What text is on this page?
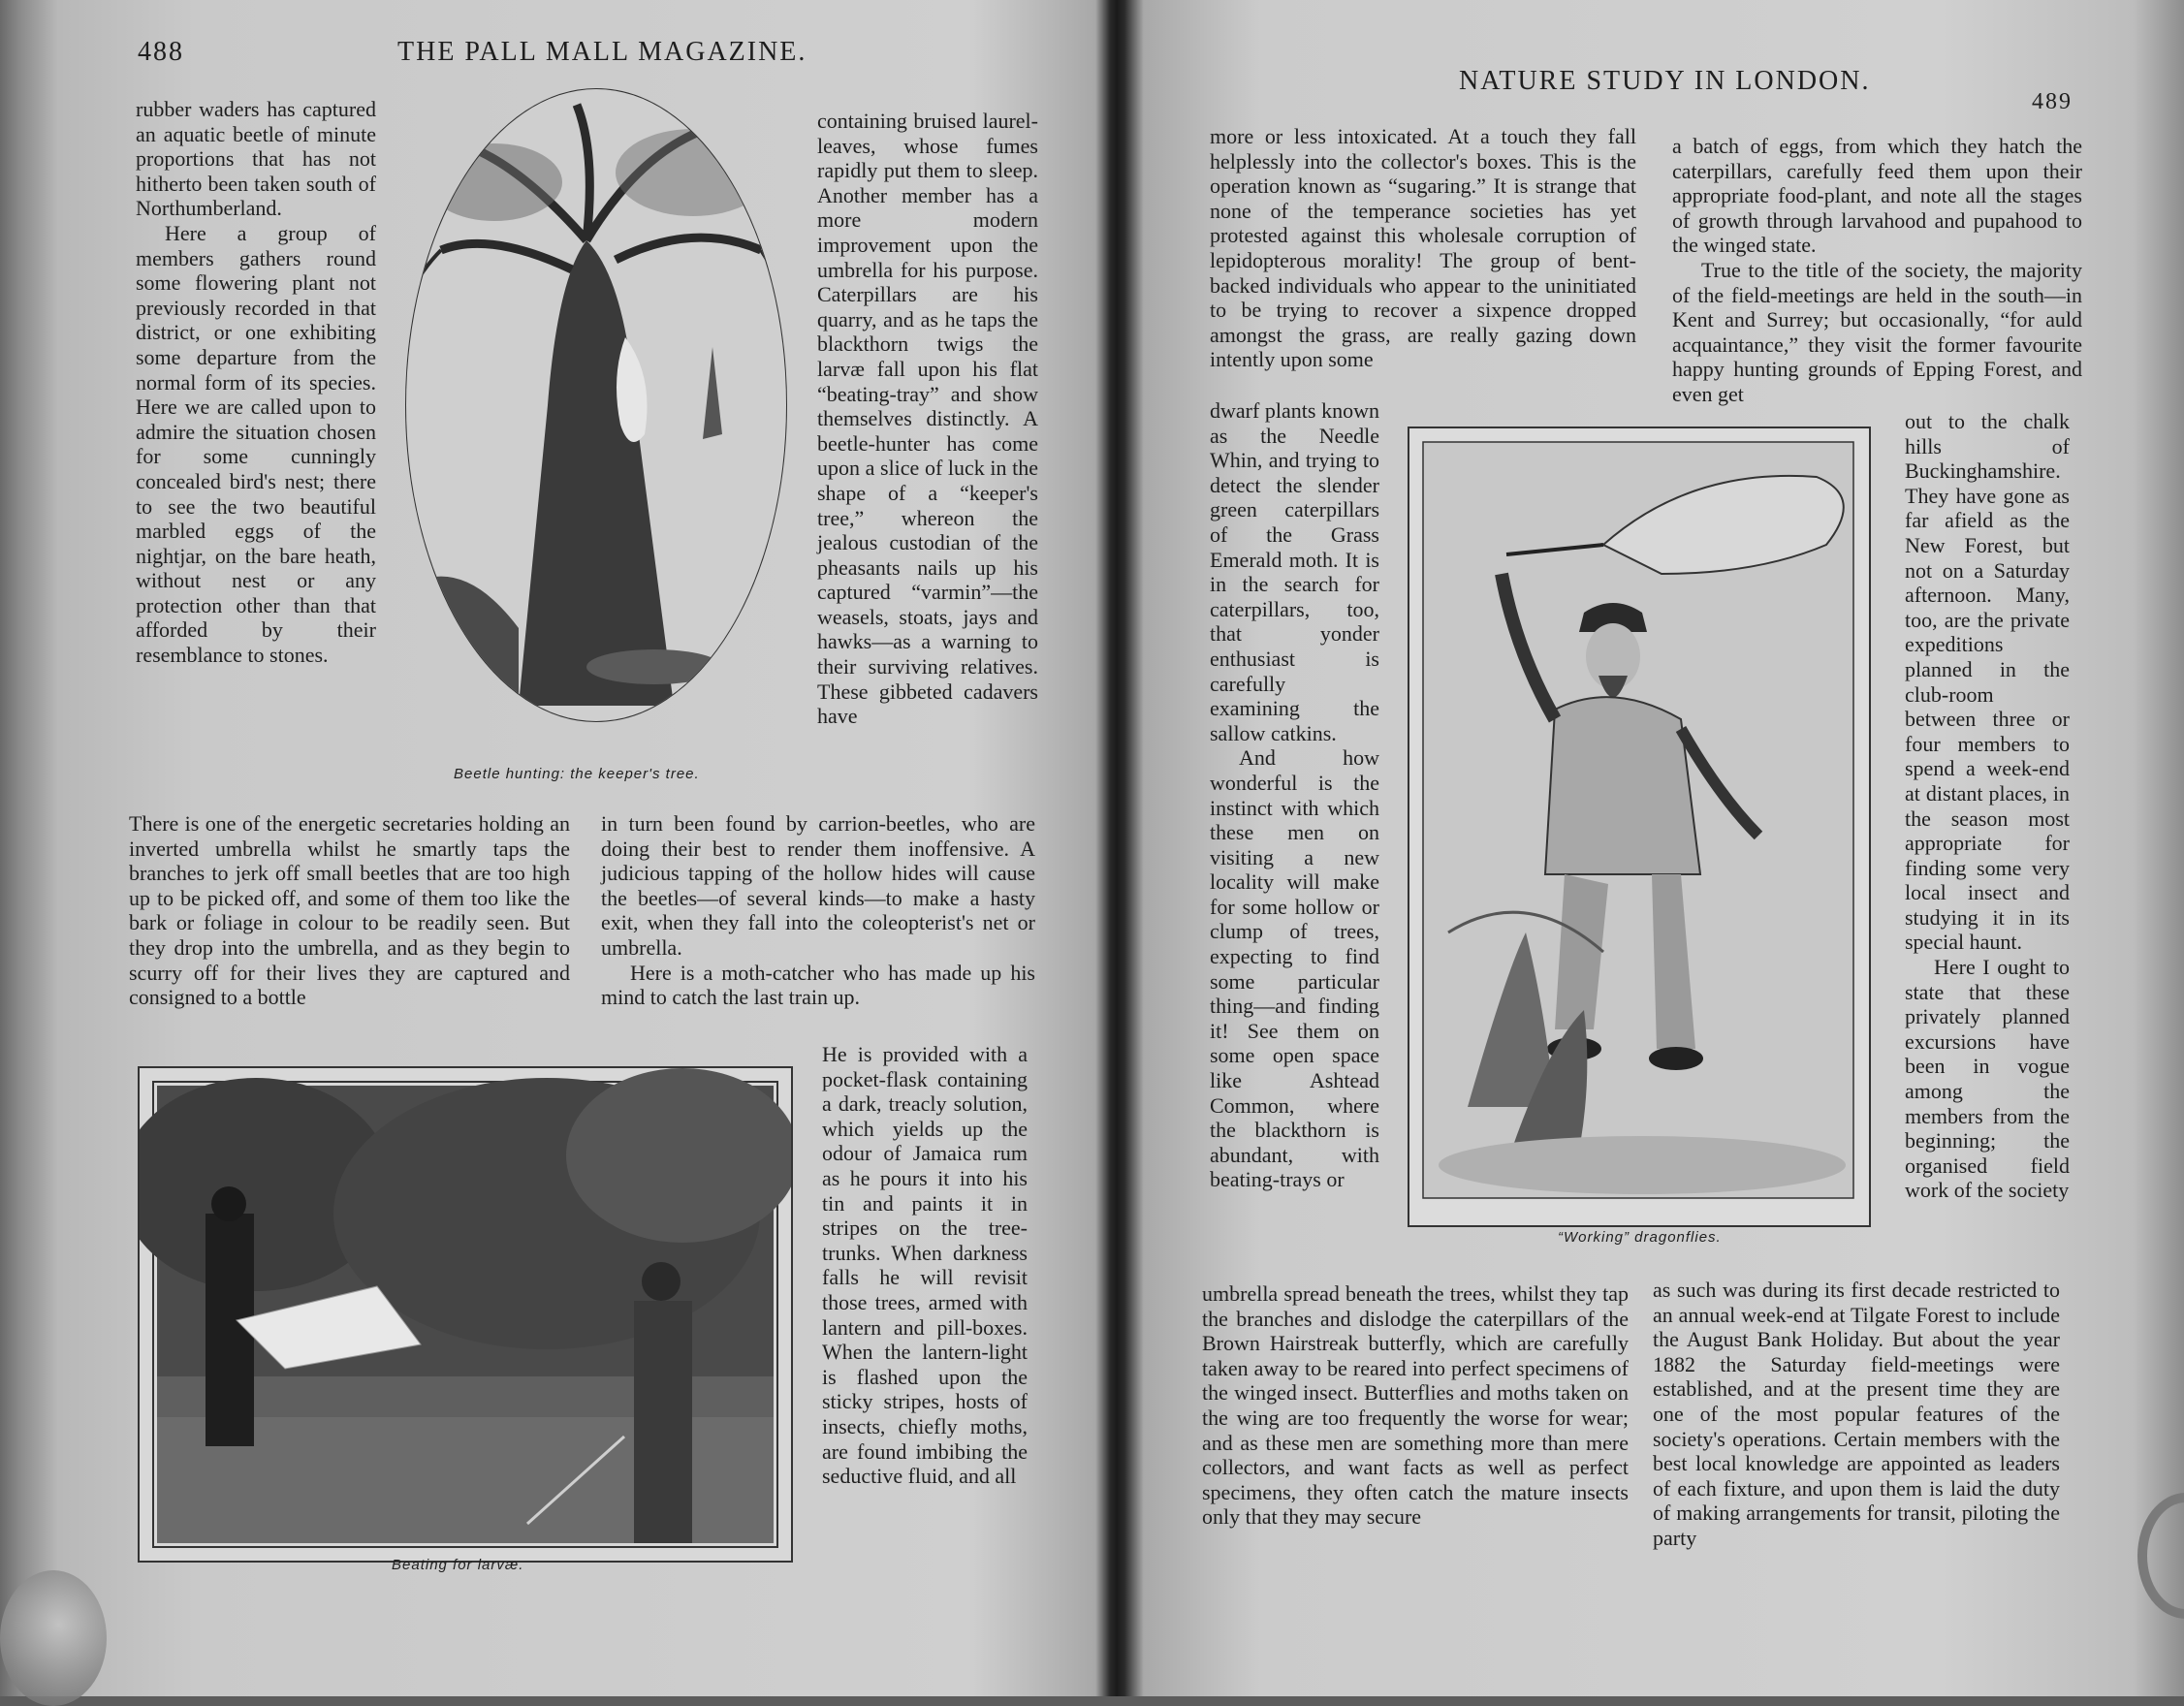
488	THE PALL MALL MAGAZINE.

rubber waders has captured an aquatic beetle of minute proportions that has not hitherto been taken south of Northumberland.

Here a group of members gathers round some flowering plant not previously recorded in that district, or one exhibiting some departure from the normal form of its species. Here we are called upon to admire the situation chosen for some cunningly concealed bird's nest; there to see the two beautiful marbled eggs of the nightjar, on the bare heath, without nest or any protection other than that afforded by their resemblance to stones.

Beetle hunting: the keeper's tree.

containing bruised laurel-leaves, whose fumes rapidly put them to sleep. Another member has a more modern improvement upon the umbrella for his purpose. Caterpillars are his quarry, and as he taps the blackthorn twigs the larvæ fall upon his flat “beating-tray” and show themselves distinctly. A beetle-hunter has come upon a slice of luck in the shape of a “keeper's tree,” whereon the jealous custodian of the pheasants nails up his captured “varmin”—the weasels, stoats, jays and hawks—as a warning to their surviving relatives. These gibbeted cadavers have

There is one of the energetic secretaries holding an inverted umbrella whilst he smartly taps the branches to jerk off small beetles that are too high up to be picked off, and some of them too like the bark or foliage in colour to be readily seen. But they drop into the umbrella, and as they begin to scurry off for their lives they are captured and consigned to a bottle

in turn been found by carrion-beetles, who are doing their best to render them inoffensive. A judicious tapping of the hollow hides will cause the beetles—of several kinds—to make a hasty exit, when they fall into the coleopterist's net or umbrella.

Here is a moth-catcher who has made up his mind to catch the last train up.

Beating for larvæ.

He is provided with a pocket-flask containing a dark, treacly solution, which yields up the odour of Jamaica rum as he pours it into his tin and paints it in stripes on the tree-trunks. When darkness falls he will revisit those trees, armed with lantern and pill-boxes. When the lantern-light is flashed upon the sticky stripes, hosts of insects, chiefly moths, are found imbibing the seductive fluid, and all

NATURE STUDY IN LONDON.
489

more or less intoxicated. At a touch they fall helplessly into the collector's boxes. This is the operation known as “sugaring.” It is strange that none of the temperance societies has yet protested against this wholesale corruption of lepidopterous morality! The group of bent-backed individuals who appear to the uninitiated to be trying to recover a sixpence dropped amongst the grass, are really gazing down intently upon some

dwarf plants known as the Needle Whin, and trying to detect the slender green caterpillars of the Grass Emerald moth. It is in the search for caterpillars, too, that yonder enthusiast is carefully examining the sallow catkins.

And how wonderful is the instinct with which these men on visiting a new locality will make for some hollow or clump of trees, expecting to find some particular thing—and finding it! See them on some open space like Ashtead Common, where the blackthorn is abundant, with beating-trays or

“Working” dragonflies.

umbrella spread beneath the trees, whilst they tap the branches and dislodge the caterpillars of the Brown Hairstreak butterfly, which are carefully taken away to be reared into perfect specimens of the winged insect. Butterflies and moths taken on the wing are too frequently the worse for wear; and as these men are something more than mere collectors, and want facts as well as perfect specimens, they often catch the mature insects only that they may secure

a batch of eggs, from which they hatch the caterpillars, carefully feed them upon their appropriate food-plant, and note all the stages of growth through larvahood and pupahood to the winged state.

True to the title of the society, the majority of the field-meetings are held in the south—in Kent and Surrey; but occasionally, “for auld acquaintance,” they visit the former favourite happy hunting grounds of Epping Forest, and even get

out to the chalk hills of Buckinghamshire. They have gone as far afield as the New Forest, but not on a Saturday afternoon. Many, too, are the private expeditions planned in the club-room between three or four members to spend a week-end at distant places, in the season most appropriate for finding some very local insect and studying it in its special haunt.

Here I ought to state that these privately planned excursions have been in vogue among the members from the beginning; the organised field work of the society

as such was during its first decade restricted to an annual week-end at Tilgate Forest to include the August Bank Holiday. But about the year 1882 the Saturday field-meetings were established, and at the present time they are one of the most popular features of the society's operations. Certain members with the best local knowledge are appointed as leaders of each fixture, and upon them is laid the duty of making arrangements for transit, piloting the party
